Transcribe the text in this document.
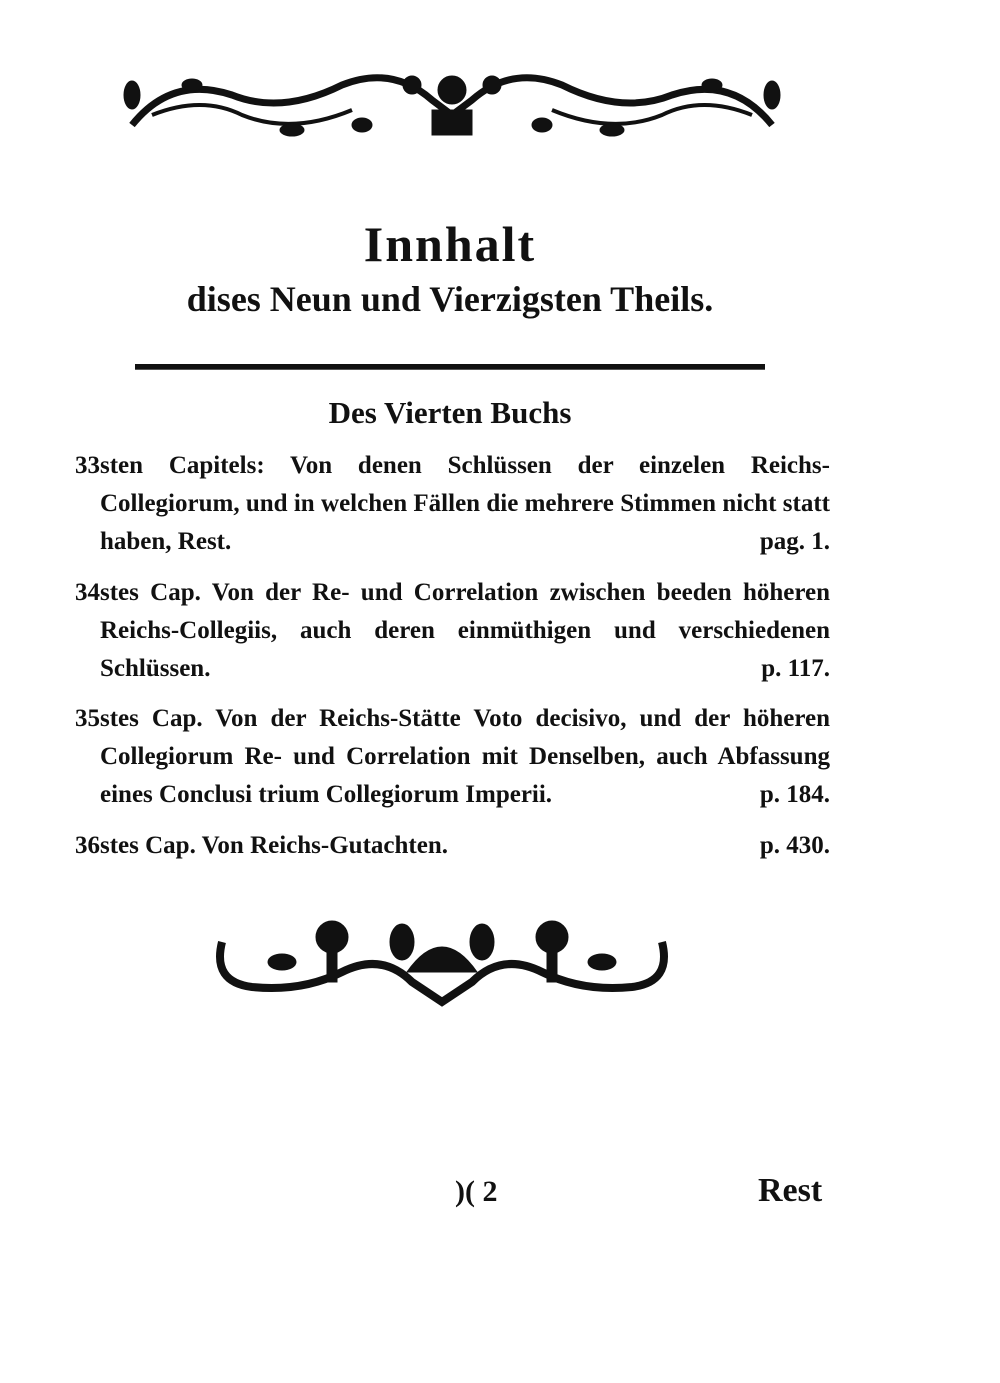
Innhalt
dises Neun und Vierzigsten Theils.
Des Vierten Buchs
33sten Capitels: Von denen Schlüssen der einzelen Reichs-Collegiorum, und in welchen Fällen die mehrere Stimmen nicht statt haben, Rest.	pag. 1.
34stes Cap. Von der Re- und Correlation zwischen beeden höheren Reichs-Collegiis, auch deren einmüthigen und verschiedenen Schlüssen.	p. 117.
35stes Cap. Von der Reichs-Stätte Voto decisivo, und der höheren Collegiorum Re- und Correlation mit Denselben, auch Abfassung eines Conclusi trium Collegiorum Imperii.	p. 184.
36stes Cap. Von Reichs-Gutachten.	p. 430.
)( 2	Rest
